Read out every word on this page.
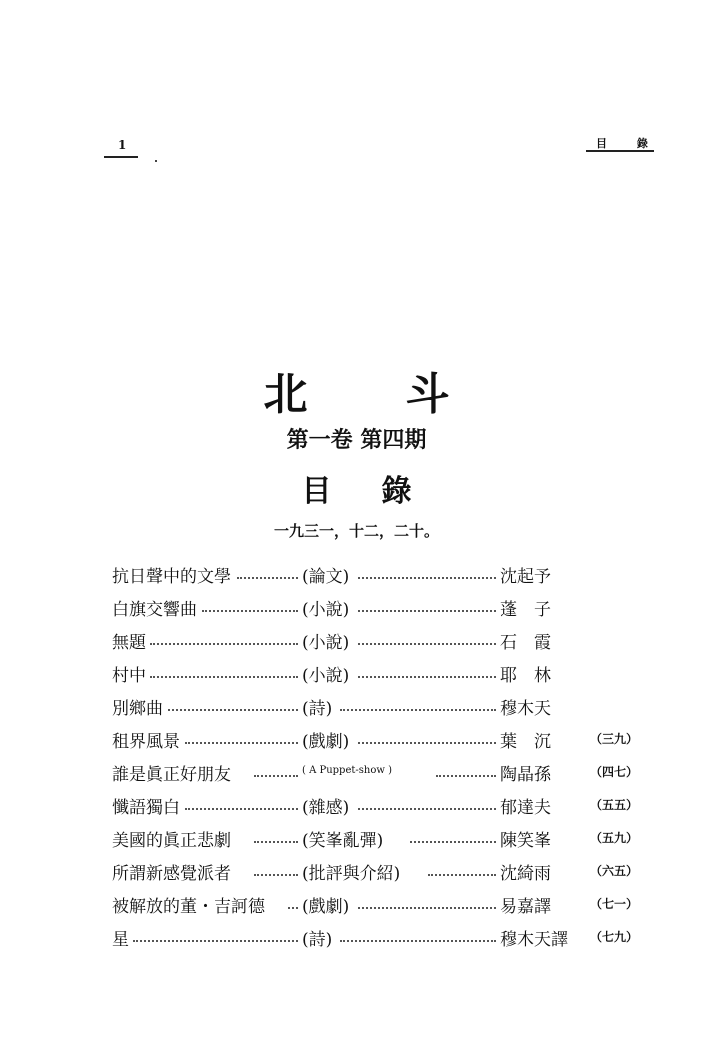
1	目 錄
北 斗
第一卷 第四期
目 錄
一九三一，十二，二十。
抗日聲中的文學	(論文)	沈起予
白旗交響曲	(小說)	蓬　子
無題	(小說)	石　霞
村中	(小說)	耶　林
別鄉曲	(詩)	穆木天
租界風景	(戲劇)	葉　沉	（三九）
誰是眞正好朋友	( A Puppet-show )	陶晶孫	（四七）
懺語獨白	(雜感)	郁達夫	（五五）
美國的眞正悲劇	(笑峯亂彈)	陳笑峯	（五九）
所謂新感覺派者	(批評與介紹)	沈綺雨	（六五）
被解放的董・吉訶德 (戲劇)	易嘉譯	（七一）
星	(詩)	穆木天譯 （七九）
